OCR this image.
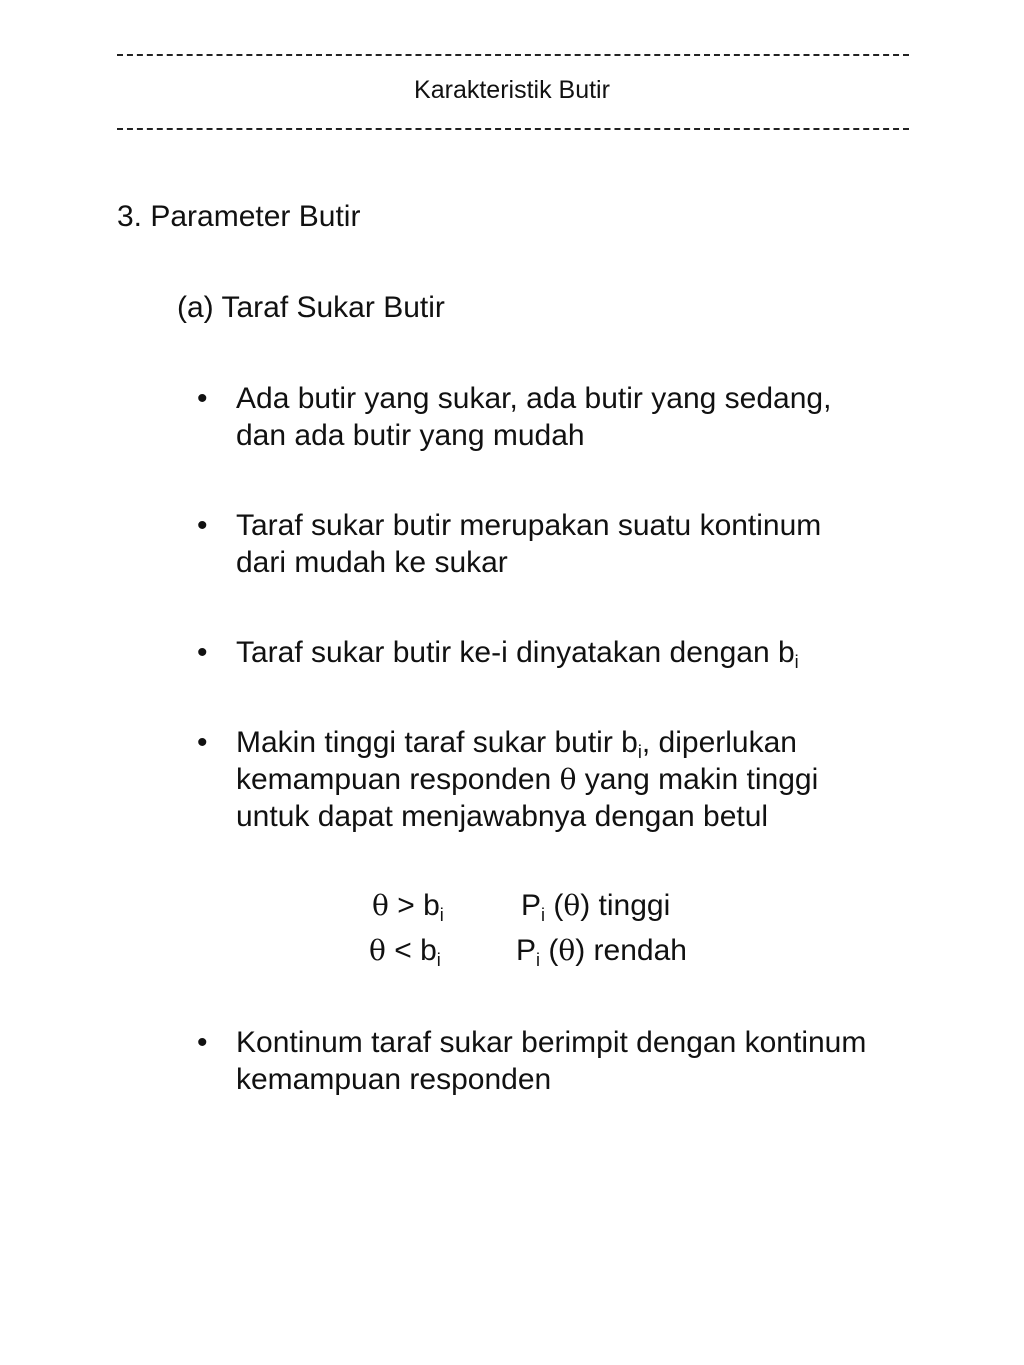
Karakteristik Butir
3. Parameter Butir
(a) Taraf Sukar Butir
• Ada butir yang sukar, ada butir yang sedang,
dan ada butir yang mudah
• Taraf sukar butir merupakan suatu kontinum
dari mudah ke sukar
• Taraf sukar butir ke-i dinyatakan dengan $b_i$
• Makin tinggi taraf sukar butir $b_i$, diperlukan
kemampuan responden θ yang makin tinggi
untuk dapat menjawabnya dengan betul
$\theta > b_i$	$P_i$ (θ) tinggi
$\theta < b_i$	$P_i$ (θ) rendah
• Kontinum taraf sukar berimpit dengan kontinum
kemampuan responden
